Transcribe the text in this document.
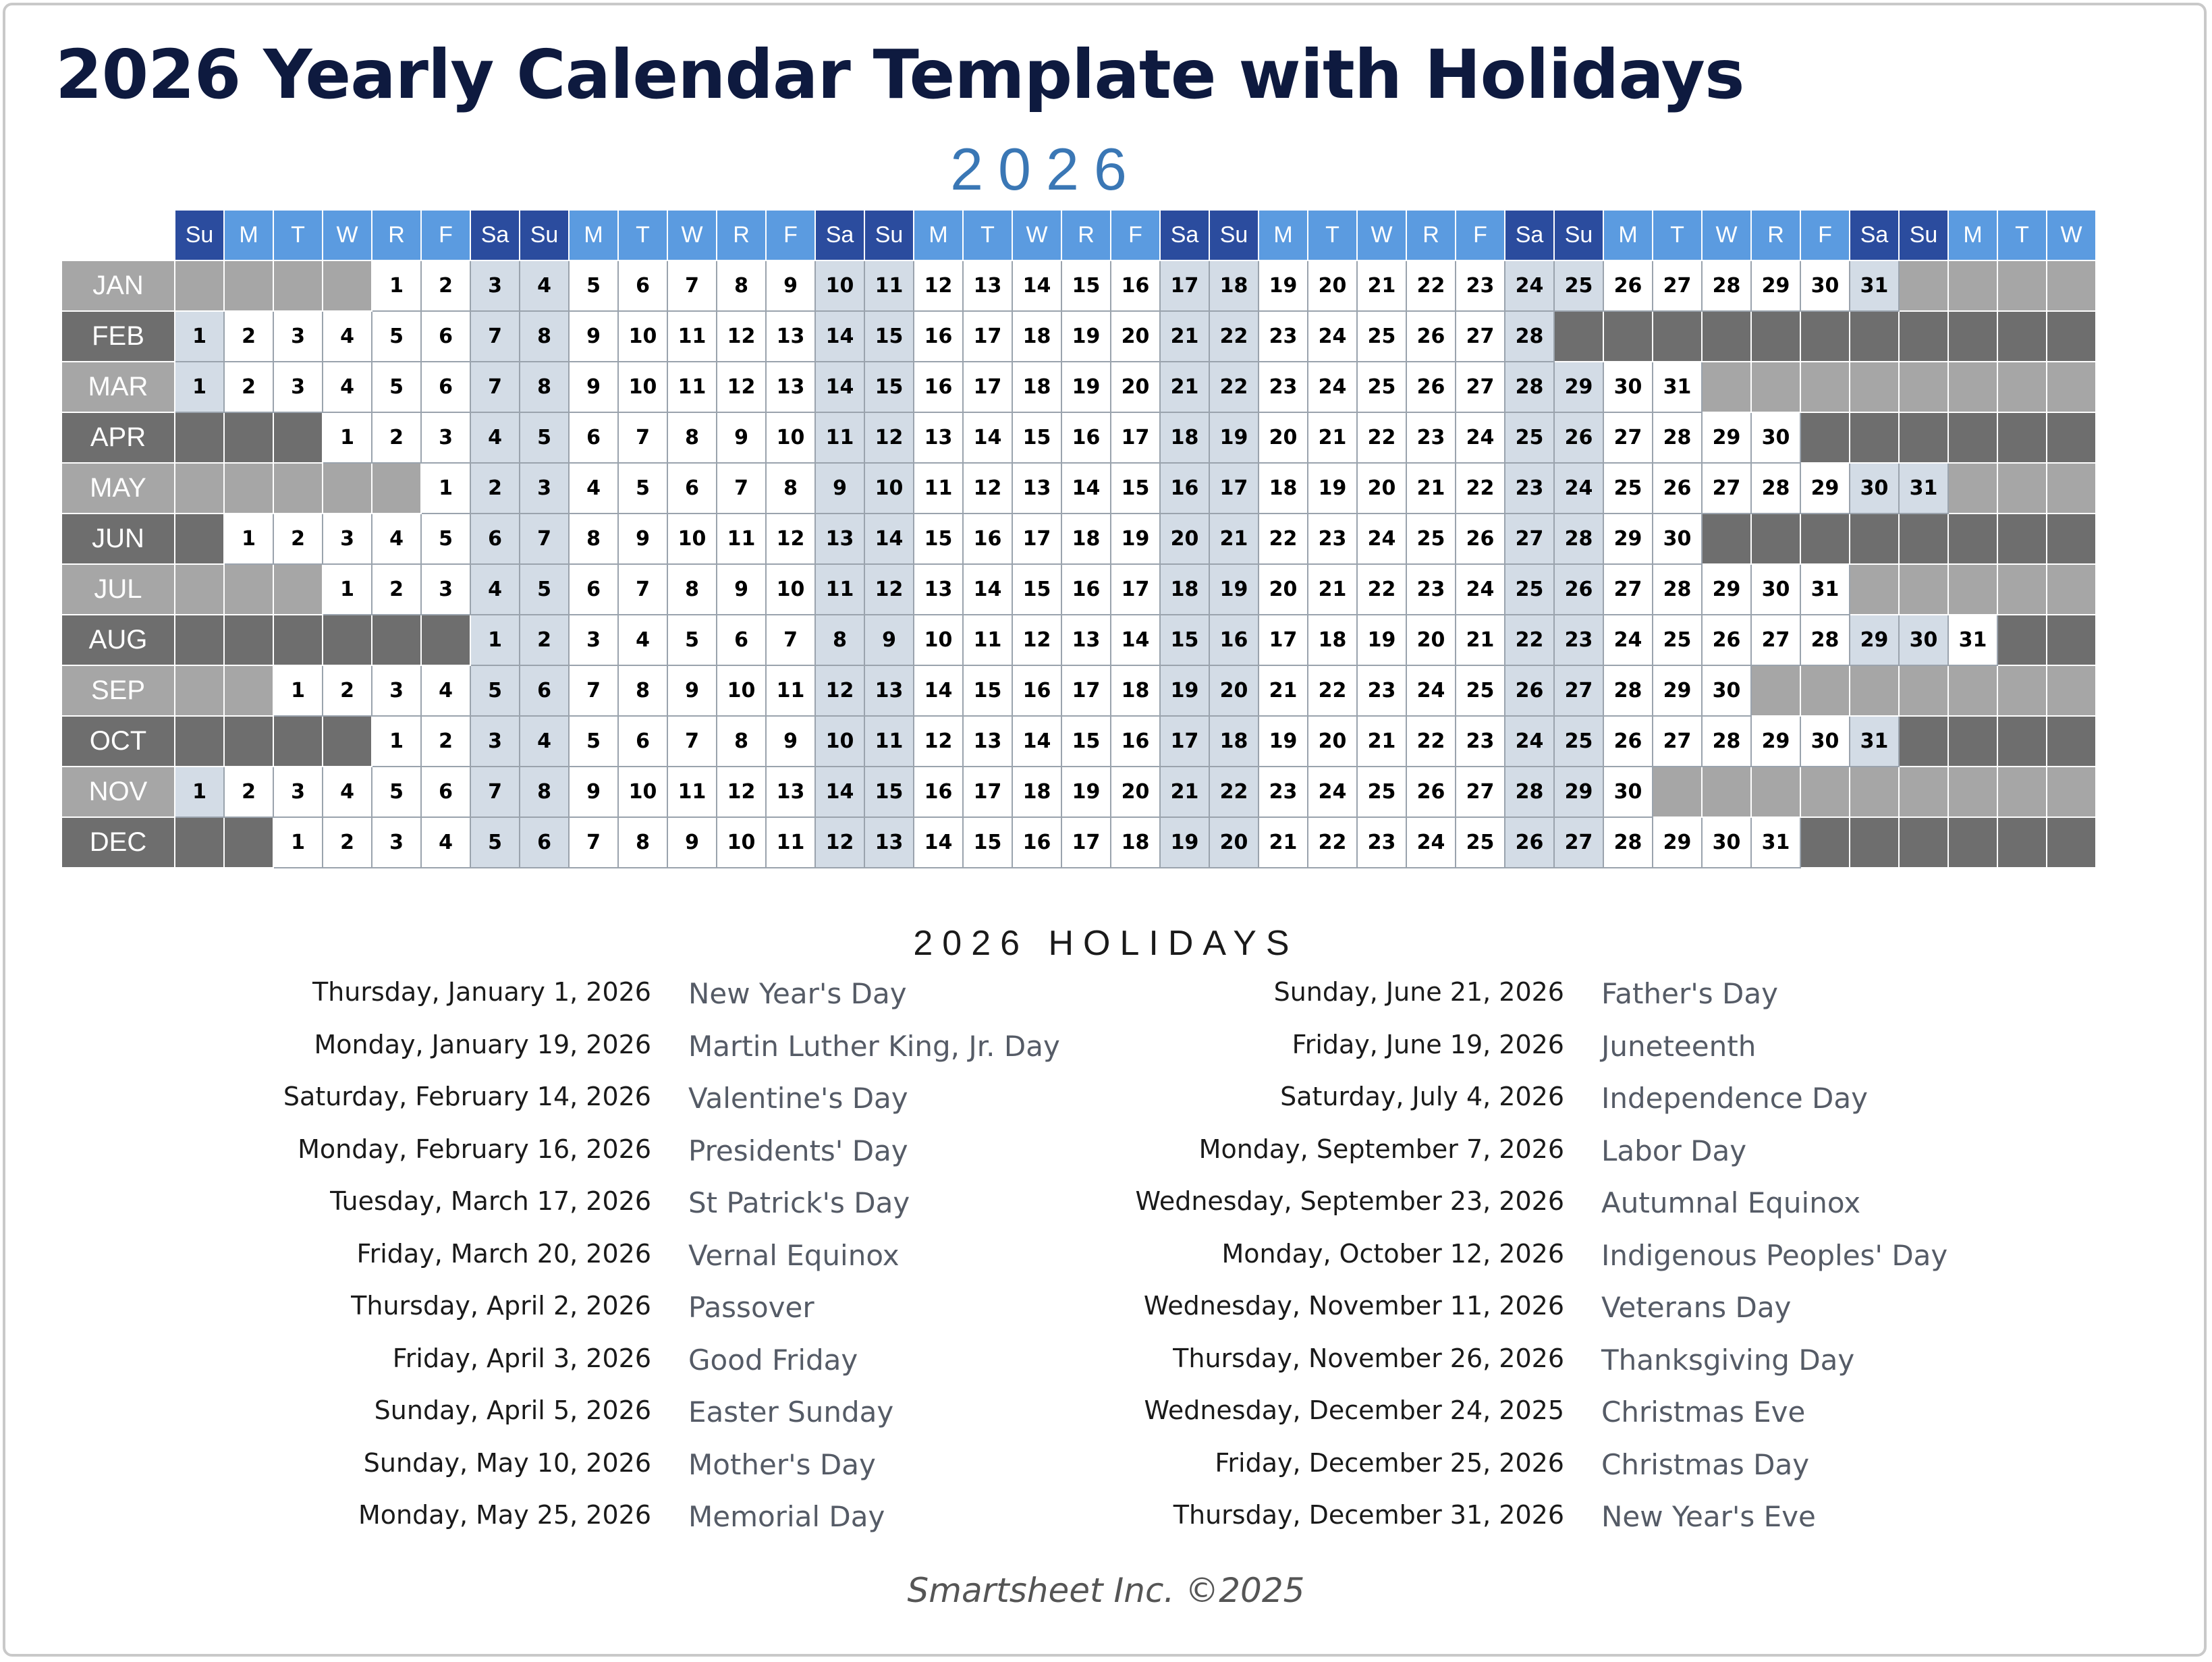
2026 Yearly Calendar Template with Holidays
2026
	Su	M	T	W	R	F	Sa	Su	M	T	W	R	F	Sa	Su	M	T	W	R	F	Sa	Su	M	T	W	R	F	Sa	Su	M	T	W	R	F	Sa	Su	M	T	W
JAN					1	2	3	4	5	6	7	8	9	10	11	12	13	14	15	16	17	18	19	20	21	22	23	24	25	26	27	28	29	30	31				
FEB	1	2	3	4	5	6	7	8	9	10	11	12	13	14	15	16	17	18	19	20	21	22	23	24	25	26	27	28											
MAR	1	2	3	4	5	6	7	8	9	10	11	12	13	14	15	16	17	18	19	20	21	22	23	24	25	26	27	28	29	30	31								
APR				1	2	3	4	5	6	7	8	9	10	11	12	13	14	15	16	17	18	19	20	21	22	23	24	25	26	27	28	29	30						
MAY						1	2	3	4	5	6	7	8	9	10	11	12	13	14	15	16	17	18	19	20	21	22	23	24	25	26	27	28	29	30	31			
JUN		1	2	3	4	5	6	7	8	9	10	11	12	13	14	15	16	17	18	19	20	21	22	23	24	25	26	27	28	29	30								
JUL				1	2	3	4	5	6	7	8	9	10	11	12	13	14	15	16	17	18	19	20	21	22	23	24	25	26	27	28	29	30	31					
AUG							1	2	3	4	5	6	7	8	9	10	11	12	13	14	15	16	17	18	19	20	21	22	23	24	25	26	27	28	29	30	31		
SEP			1	2	3	4	5	6	7	8	9	10	11	12	13	14	15	16	17	18	19	20	21	22	23	24	25	26	27	28	29	30							
OCT					1	2	3	4	5	6	7	8	9	10	11	12	13	14	15	16	17	18	19	20	21	22	23	24	25	26	27	28	29	30	31				
NOV	1	2	3	4	5	6	7	8	9	10	11	12	13	14	15	16	17	18	19	20	21	22	23	24	25	26	27	28	29	30									
DEC			1	2	3	4	5	6	7	8	9	10	11	12	13	14	15	16	17	18	19	20	21	22	23	24	25	26	27	28	29	30	31						
2026 HOLIDAYS
Thursday, January 1, 2026 New Year's Day
Monday, January 19, 2026 Martin Luther King, Jr. Day
Saturday, February 14, 2026 Valentine's Day
Monday, February 16, 2026 Presidents' Day
Tuesday, March 17, 2026 St Patrick's Day
Friday, March 20, 2026 Vernal Equinox
Thursday, April 2, 2026 Passover
Friday, April 3, 2026 Good Friday
Sunday, April 5, 2026 Easter Sunday
Sunday, May 10, 2026 Mother's Day
Monday, May 25, 2026 Memorial Day
Sunday, June 21, 2026 Father's Day
Friday, June 19, 2026 Juneteenth
Saturday, July 4, 2026 Independence Day
Monday, September 7, 2026 Labor Day
Wednesday, September 23, 2026 Autumnal Equinox
Monday, October 12, 2026 Indigenous Peoples' Day
Wednesday, November 11, 2026 Veterans Day
Thursday, November 26, 2026 Thanksgiving Day
Wednesday, December 24, 2025 Christmas Eve
Friday, December 25, 2026 Christmas Day
Thursday, December 31, 2026 New Year's Eve
Smartsheet Inc. ©2025
